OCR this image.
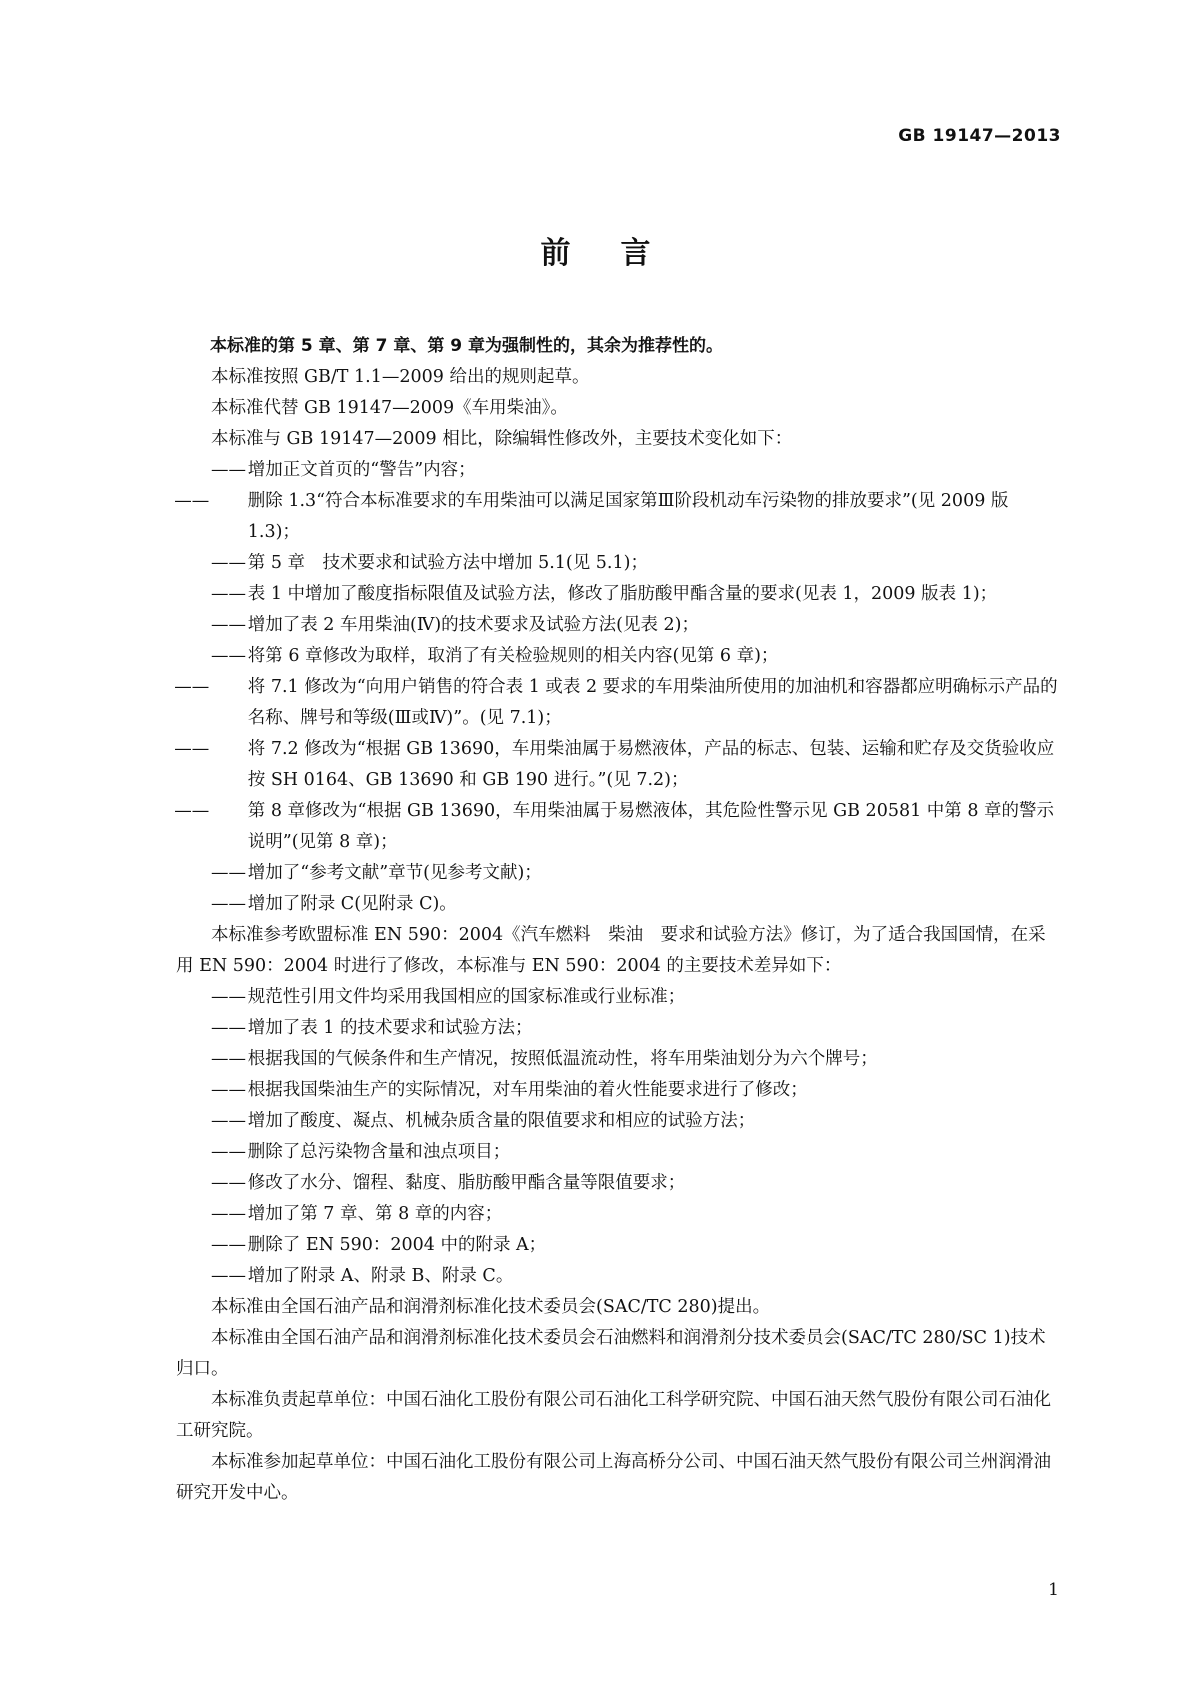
GB 19147—2013
前言
本标准的第 5 章、第 7 章、第 9 章为强制性的，其余为推荐性的。
本标准按照 GB/T 1.1—2009 给出的规则起草。
本标准代替 GB 19147—2009《车用柴油》。
本标准与 GB 19147—2009 相比，除编辑性修改外，主要技术变化如下：
—— 增加正文首页的“警告”内容；
—— 删除 1.3“符合本标准要求的车用柴油可以满足国家第Ⅲ阶段机动车污染物的排放要求”(见 2009 版 1.3)；
—— 第 5 章　技术要求和试验方法中增加 5.1(见 5.1)；
—— 表 1 中增加了酸度指标限值及试验方法，修改了脂肪酸甲酯含量的要求(见表 1，2009 版表 1)；
—— 增加了表 2 车用柴油(Ⅳ)的技术要求及试验方法(见表 2)；
—— 将第 6 章修改为取样，取消了有关检验规则的相关内容(见第 6 章)；
—— 将 7.1 修改为“向用户销售的符合表 1 或表 2 要求的车用柴油所使用的加油机和容器都应明确标示产品的名称、牌号和等级(Ⅲ或Ⅳ)”。(见 7.1)；
—— 将 7.2 修改为“根据 GB 13690，车用柴油属于易燃液体，产品的标志、包装、运输和贮存及交货验收应按 SH 0164、GB 13690 和 GB 190 进行。”(见 7.2)；
—— 第 8 章修改为“根据 GB 13690，车用柴油属于易燃液体，其危险性警示见 GB 20581 中第 8 章的警示说明”(见第 8 章)；
—— 增加了“参考文献”章节(见参考文献)；
—— 增加了附录 C(见附录 C)。
本标准参考欧盟标准 EN 590：2004《汽车燃料　柴油　要求和试验方法》修订，为了适合我国国情，在采用 EN 590：2004 时进行了修改，本标准与 EN 590：2004 的主要技术差异如下：
—— 规范性引用文件均采用我国相应的国家标准或行业标准；
—— 增加了表 1 的技术要求和试验方法；
—— 根据我国的气候条件和生产情况，按照低温流动性，将车用柴油划分为六个牌号；
—— 根据我国柴油生产的实际情况，对车用柴油的着火性能要求进行了修改；
—— 增加了酸度、凝点、机械杂质含量的限值要求和相应的试验方法；
—— 删除了总污染物含量和浊点项目；
—— 修改了水分、馏程、黏度、脂肪酸甲酯含量等限值要求；
—— 增加了第 7 章、第 8 章的内容；
—— 删除了 EN 590：2004 中的附录 A；
—— 增加了附录 A、附录 B、附录 C。
本标准由全国石油产品和润滑剂标准化技术委员会(SAC/TC 280)提出。
本标准由全国石油产品和润滑剂标准化技术委员会石油燃料和润滑剂分技术委员会(SAC/TC 280/SC 1)技术归口。
本标准负责起草单位：中国石油化工股份有限公司石油化工科学研究院、中国石油天然气股份有限公司石油化工研究院。
本标准参加起草单位：中国石油化工股份有限公司上海高桥分公司、中国石油天然气股份有限公司兰州润滑油研究开发中心。
1
